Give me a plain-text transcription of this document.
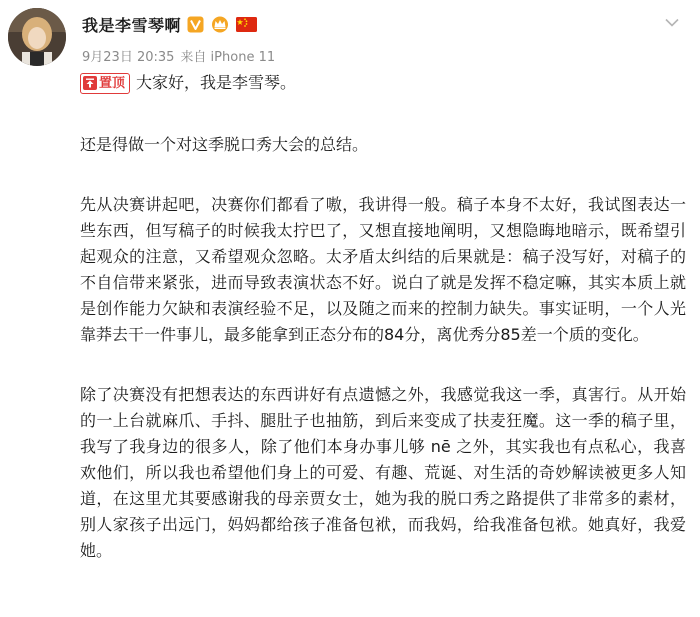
我是李雪琴啊
9月23日 20:35 来自 iPhone 11
置顶 大家好，我是李雪琴。

还是得做一个对这季脱口秀大会的总结。

先从决赛讲起吧，决赛你们都看了嗷，我讲得一般。稿子本身不太好，我试图表达一些东西，但写稿子的时候我太拧巴了，又想直接地阐明，又想隐晦地暗示，既希望引起观众的注意，又希望观众忽略。太矛盾太纠结的后果就是：稿子没写好，对稿子的不自信带来紧张，进而导致表演状态不好。说白了就是发挥不稳定嘛，其实本质上就是创作能力欠缺和表演经验不足，以及随之而来的控制力缺失。事实证明，一个人光靠莽去干一件事儿，最多能拿到正态分布的84分，离优秀分85差一个质的变化。

除了决赛没有把想表达的东西讲好有点遗憾之外，我感觉我这一季，真害行。从开始的一上台就麻爪、手抖、腿肚子也抽筋，到后来变成了扶麦狂魔。这一季的稿子里，我写了我身边的很多人，除了他们本身办事儿够 nē 之外，其实我也有点私心，我喜欢他们，所以我也希望他们身上的可爱、有趣、荒诞、对生活的奇妙解读被更多人知道，在这里尤其要感谢我的母亲贾女士，她为我的脱口秀之路提供了非常多的素材，别人家孩子出远门，妈妈都给孩子准备包袱，而我妈，给我准备包袱。她真好，我爱她。
